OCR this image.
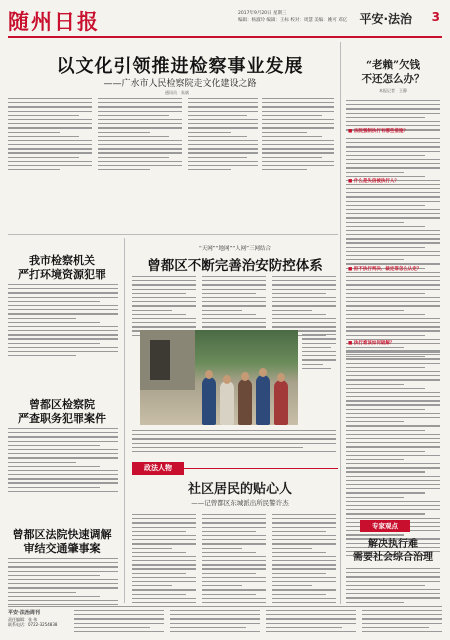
随州日报	2017年9月20日 星期三
编辑：杨淑玲 编辑：王标 校对：周慧 美编：姚可 邓亿 平安·法治 3
以文化引领推进检察事业发展
——广水市人民检察院走文化建设之路
通讯员　朱斌
我市检察机关
严打环境资源犯罪
曾都区检察院
严查职务犯罪案件
曾都区法院快速调解
审结交通肇事案
“天网”“地网”“人网”三网结合
曾都区不断完善治安防控体系
政法人物
社区居民的贴心人
——记曾都区东城派出所民警许杰
“老赖”欠钱
不还怎么办？
本报记者　王静
■ 法院强制执行有哪些措施？
■ 什么是失信被执行人？
■ 拒不执行判决、裁定罪怎么认定？
■ 执行难该如何破解？
专家观点
解决执行难
需要社会综合治理
平安·法治周刊
责任编辑：张 伟
联系电话：0722-3254838
